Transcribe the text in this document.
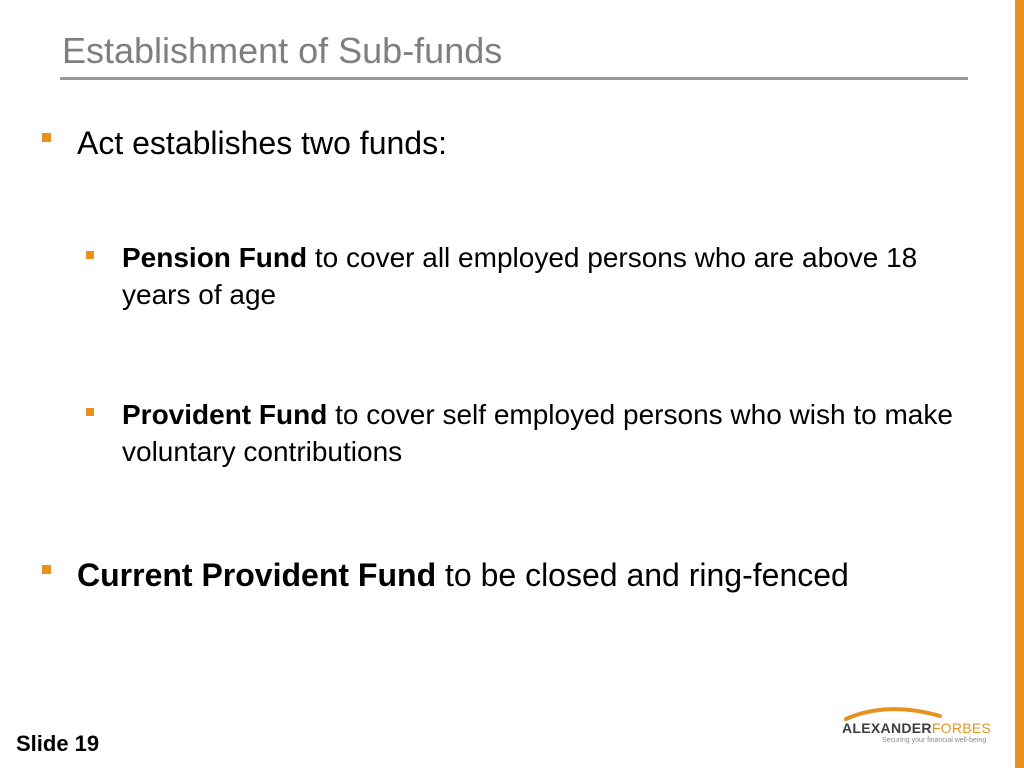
Establishment of Sub-funds
Act establishes two funds:
Pension Fund to cover all employed persons who are above 18 years of age
Provident Fund to cover self employed persons who wish to make voluntary contributions
Current Provident Fund to be closed and ring-fenced
Slide 19
ALEXANDERFORBES
Securing your financial well-being
